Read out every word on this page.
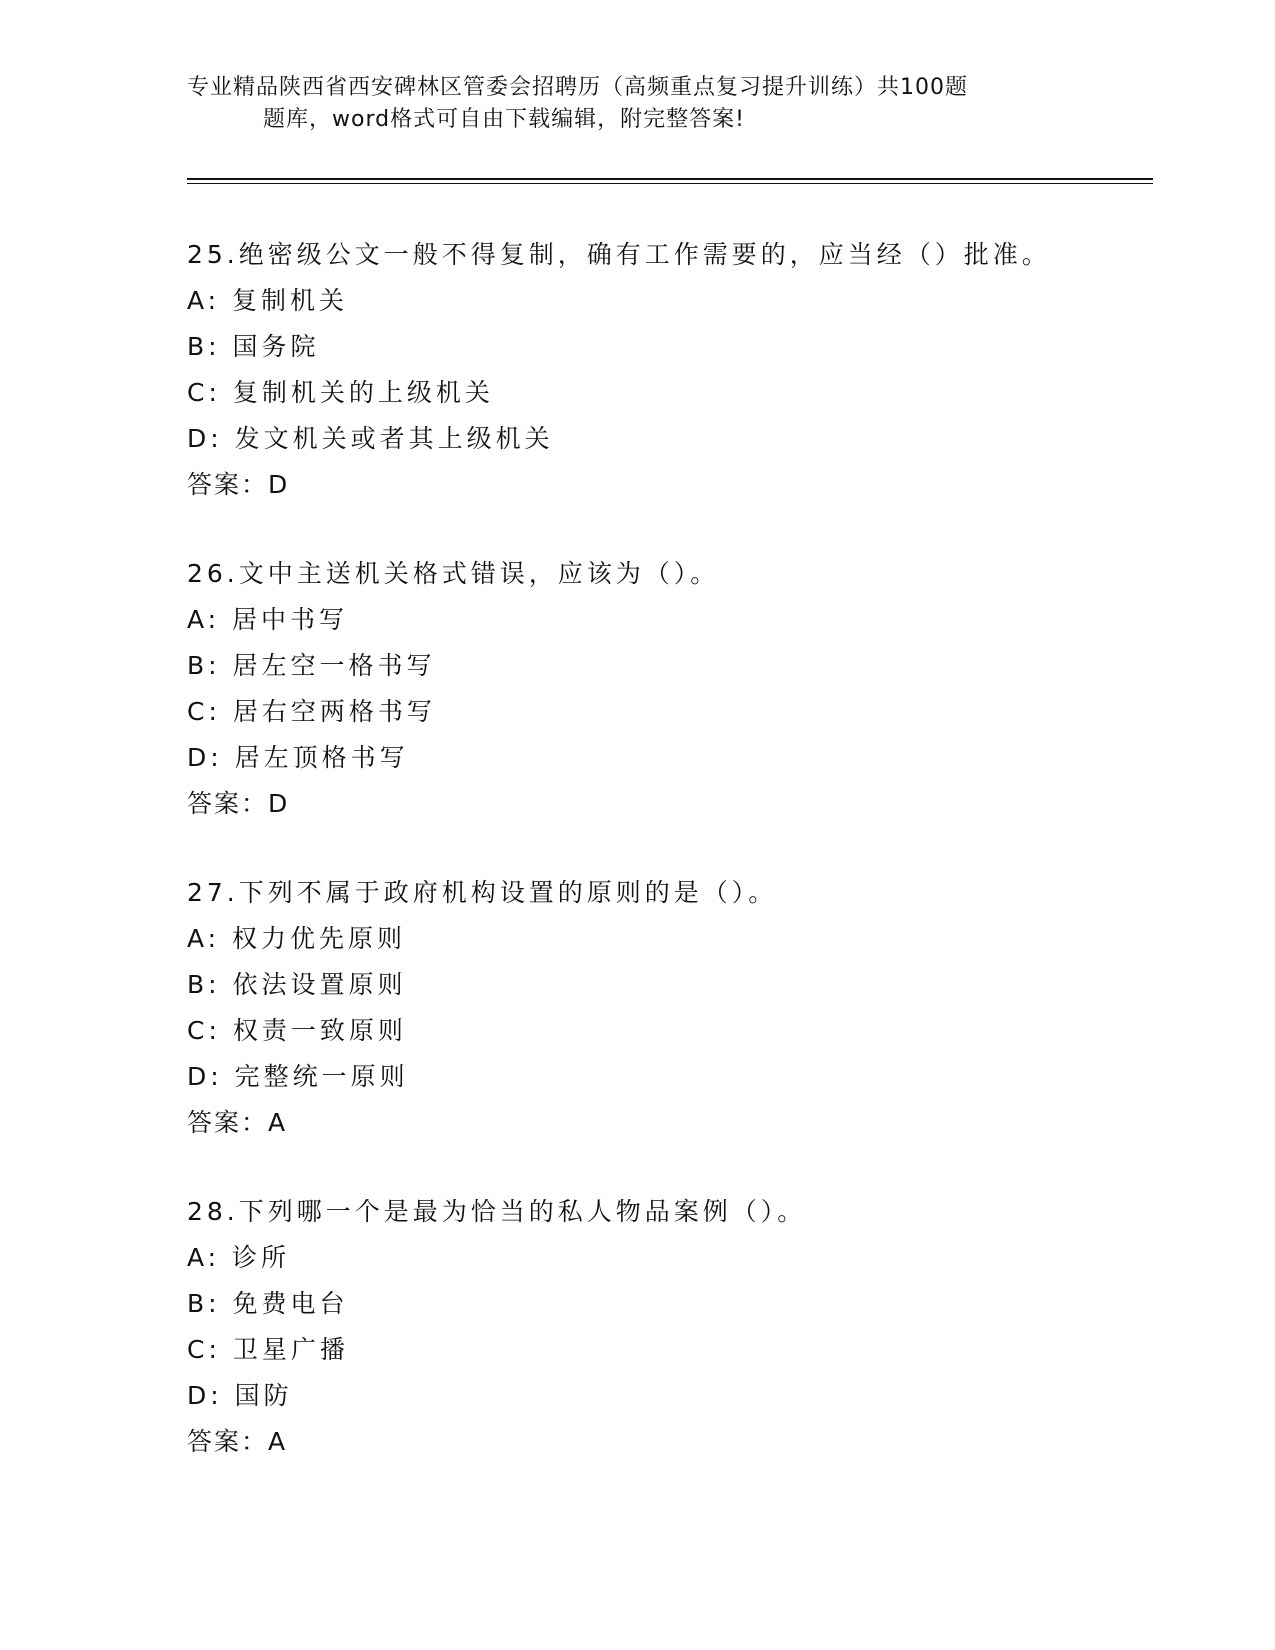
专业精品陕西省西安碑林区管委会招聘历（高频重点复习提升训练）共100题
题库，word格式可自由下载编辑，附完整答案!
25.绝密级公文一般不得复制，确有工作需要的，应当经（）批准。
A: 复制机关
B: 国务院
C: 复制机关的上级机关
D: 发文机关或者其上级机关
答案：D
26.文中主送机关格式错误，应该为（）。
A: 居中书写
B: 居左空一格书写
C: 居右空两格书写
D: 居左顶格书写
答案：D
27.下列不属于政府机构设置的原则的是（）。
A: 权力优先原则
B: 依法设置原则
C: 权责一致原则
D: 完整统一原则
答案：A
28.下列哪一个是最为恰当的私人物品案例（）。
A: 诊所
B: 免费电台
C: 卫星广播
D: 国防
答案：A
